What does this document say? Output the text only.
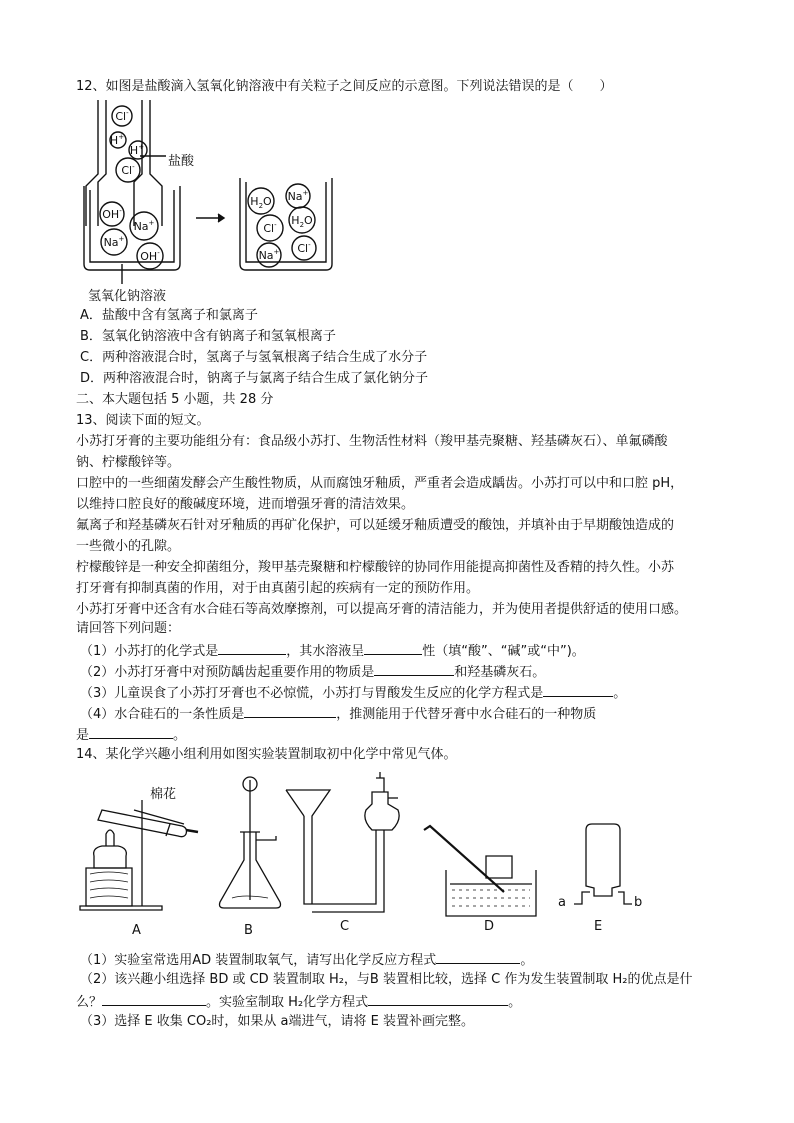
12、如图是盐酸滴入氢氧化钠溶液中有关粒子之间反应的示意图。下列说法错误的是（　　）
Cl-
H+
H+
Cl-
OH-
Na+
Na+
OH-
$H_2O$ Na+
$H_2O$
Cl-
Cl-
Na+
盐酸
氢氧化钠溶液
A．盐酸中含有氢离子和氯离子
B．氢氧化钠溶液中含有钠离子和氢氧根离子
C．两种溶液混合时，氢离子与氢氧根离子结合生成了水分子
D．两种溶液混合时，钠离子与氯离子结合生成了氯化钠分子
二、本大题包括 5 小题，共 28 分
13、阅读下面的短文。
小苏打牙膏的主要功能组分有：食品级小苏打、生物活性材料（羧甲基壳聚糖、羟基磷灰石）、单氟磷酸
钠、柠檬酸锌等。
口腔中的一些细菌发酵会产生酸性物质，从而腐蚀牙釉质，严重者会造成龋齿。小苏打可以中和口腔 pH，
以维持口腔良好的酸碱度环境，进而增强牙膏的清洁效果。
氟离子和羟基磷灰石针对牙釉质的再矿化保护，可以延缓牙釉质遭受的酸蚀，并填补由于早期酸蚀造成的
一些微小的孔隙。
柠檬酸锌是一种安全抑菌组分，羧甲基壳聚糖和柠檬酸锌的协同作用能提高抑菌性及香精的持久性。小苏
打牙膏有抑制真菌的作用，对于由真菌引起的疾病有一定的预防作用。
小苏打牙膏中还含有水合硅石等高效摩擦剂，可以提高牙膏的清洁能力，并为使用者提供舒适的使用口感。
请回答下列问题：
（1）小苏打的化学式是	，其水溶液呈	性（填“酸”、“碱”或“中”)。
（2）小苏打牙膏中对预防龋齿起重要作用的物质是	和羟基磷灰石。
（3）儿童误食了小苏打牙膏也不必惊慌，小苏打与胃酸发生反应的化学方程式是	。
（4）水合硅石的一条性质是	，推测能用于代替牙膏中水合硅石的一种物质
是	。
14、某化学兴趣小组利用如图实验装置制取初中化学中常见气体。
棉花
A	B	C	D	E
a	b
（1）实验室常选用AD 装置制取氧气，请写出化学反应方程式	。
（2）该兴趣小组选择 BD 或 CD 装置制取 H₂，与B 装置相比较，选择 C 作为发生装置制取 H₂的优点是什
么？	。实验室制取 H₂化学方程式	。
（3）选择 E 收集 CO₂时，如果从 a端进气，请将 E 装置补画完整。
